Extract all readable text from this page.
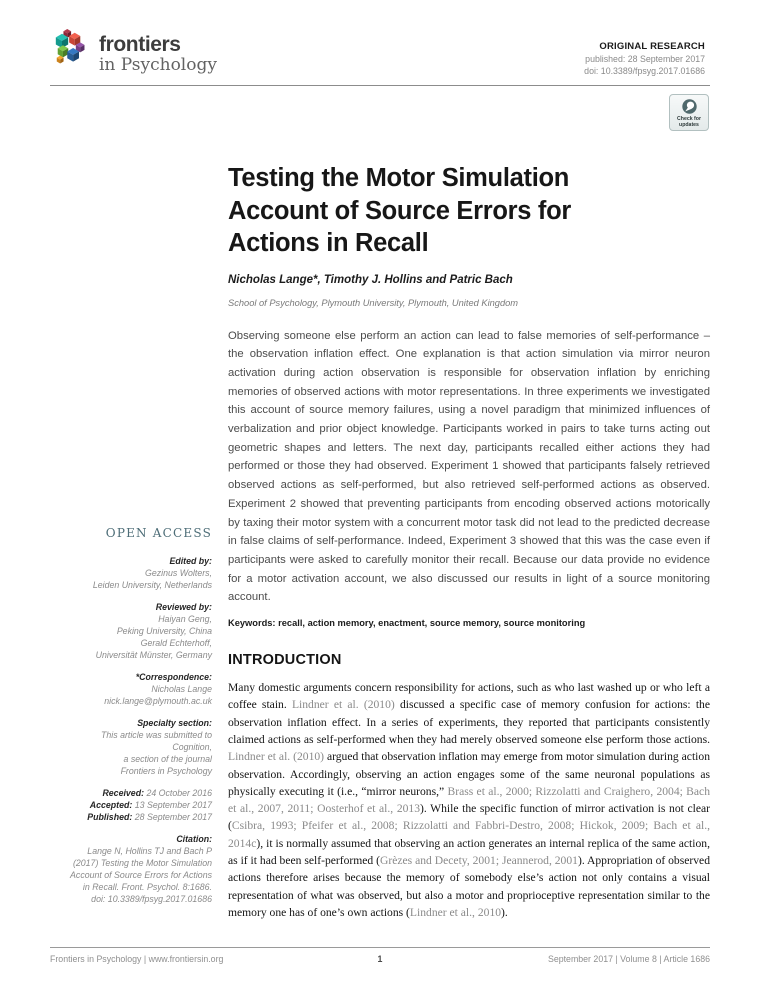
frontiers
in Psychology
ORIGINAL RESEARCH
published: 28 September 2017
doi: 10.3389/fpsyg.2017.01686
Check for
updates
OPEN ACCESS
Edited by:
Gezinus Wolters,
Leiden University, Netherlands
Reviewed by:
Haiyan Geng,
Peking University, China
Gerald Echterhoff,
Universität Münster, Germany
*Correspondence:
Nicholas Lange
nick.lange@plymouth.ac.uk
Specialty section:
This article was submitted to
Cognition,
a section of the journal
Frontiers in Psychology
Received: 24 October 2016
Accepted: 13 September 2017
Published: 28 September 2017
Citation:
Lange N, Hollins TJ and Bach P
(2017) Testing the Motor Simulation
Account of Source Errors for Actions
in Recall. Front. Psychol. 8:1686.
doi: 10.3389/fpsyg.2017.01686
Testing the Motor Simulation
Account of Source Errors for
Actions in Recall
Nicholas Lange*, Timothy J. Hollins and Patric Bach
School of Psychology, Plymouth University, Plymouth, United Kingdom
Observing someone else perform an action can lead to false memories of self-performance – the observation inflation effect. One explanation is that action simulation via mirror neuron activation during action observation is responsible for observation inflation by enriching memories of observed actions with motor representations. In three experiments we investigated this account of source memory failures, using a novel paradigm that minimized influences of verbalization and prior object knowledge. Participants worked in pairs to take turns acting out geometric shapes and letters. The next day, participants recalled either actions they had performed or those they had observed. Experiment 1 showed that participants falsely retrieved observed actions as self-performed, but also retrieved self-performed actions as observed. Experiment 2 showed that preventing participants from encoding observed actions motorically by taxing their motor system with a concurrent motor task did not lead to the predicted decrease in false claims of self-performance. Indeed, Experiment 3 showed that this was the case even if participants were asked to carefully monitor their recall. Because our data provide no evidence for a motor activation account, we also discussed our results in light of a source monitoring account.
Keywords: recall, action memory, enactment, source memory, source monitoring
INTRODUCTION
Many domestic arguments concern responsibility for actions, such as who last washed up or who left a coffee stain. Lindner et al. (2010) discussed a specific case of memory confusion for actions: the observation inflation effect. In a series of experiments, they reported that participants consistently claimed actions as self-performed when they had merely observed someone else perform those actions. Lindner et al. (2010) argued that observation inflation may emerge from motor simulation during action observation. Accordingly, observing an action engages some of the same neuronal populations as physically executing it (i.e., “mirror neurons,” Brass et al., 2000; Rizzolatti and Craighero, 2004; Bach et al., 2007, 2011; Oosterhof et al., 2013). While the specific function of mirror activation is not clear (Csibra, 1993; Pfeifer et al., 2008; Rizzolatti and Fabbri-Destro, 2008; Hickok, 2009; Bach et al., 2014c), it is normally assumed that observing an action generates an internal replica of the same action, as if it had been self-performed (Grèzes and Decety, 2001; Jeannerod, 2001). Appropriation of observed actions therefore arises because the memory of somebody else’s action not only contains a visual representation of what was observed, but also a motor and proprioceptive representation similar to the memory one has of one’s own actions (Lindner et al., 2010).
Frontiers in Psychology | www.frontiersin.org	1	September 2017 | Volume 8 | Article 1686
